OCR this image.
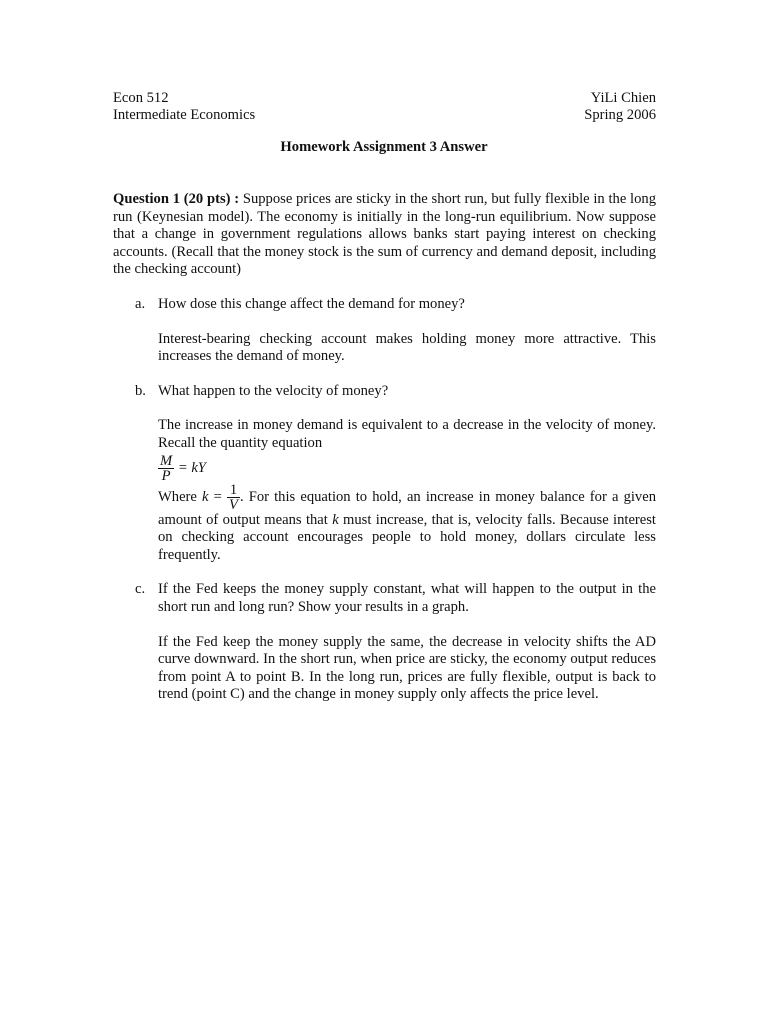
Econ 512
Intermediate Economics
YiLi Chien
Spring 2006
Homework Assignment 3 Answer

Question 1 (20 pts) : Suppose prices are sticky in the short run, but fully flexible in the long run (Keynesian model). The economy is initially in the long-run equilibrium. Now suppose that a change in government regulations allows banks start paying interest on checking accounts. (Recall that the money stock is the sum of currency and demand deposit, including the checking account)

a. How dose this change affect the demand for money?

Interest-bearing checking account makes holding money more attractive. This increases the demand of money.

b. What happen to the velocity of money?

The increase in money demand is equivalent to a decrease in the velocity of money. Recall the quantity equation

$\frac{M}{P}$ = kY

Where $k = \frac{1}{V}$ . For this equation to hold, an increase in money balance for a given amount of output means that k must increase, that is, velocity falls. Because interest on checking account encourages people to hold money, dollars circulate less frequently.

c. If the Fed keeps the money supply constant, what will happen to the output in the short run and long run? Show your results in a graph.

If the Fed keep the money supply the same, the decrease in velocity shifts the AD curve downward. In the short run, when price are sticky, the economy output reduces from point A to point B. In the long run, prices are fully flexible, output is back to trend (point C) and the change in money supply only affects the price level.
